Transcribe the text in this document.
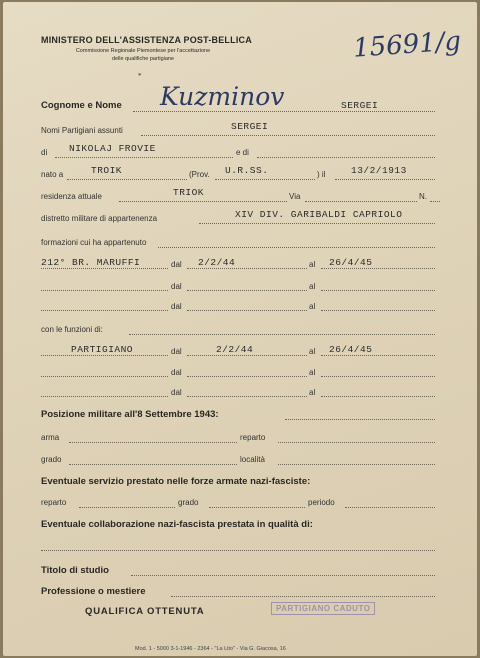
MINISTERO DELL'ASSISTENZA POST-BELLICA
Commissione Regionale Piemontese per l'accettazione
delle qualifiche partigiane
*
15691/g
Cognome e Nome Kuzminov	SERGEI
Nomi Partigiani assunti	SERGEI
di NIKOLAJ FROVIE	e di
nato a	TROIK	(Prov. U.R.SS.	) il	13/2/1913
residenza attuale	TRIOK	Via	N.
distretto militare di appartenenza	XIV DIV. GARIBALDI CAPRIOLO
formazioni cui ha appartenuto
212° BR. MARUFFI	dal 2/2/44	al 26/4/45
dal	al
dal	al
con le funzioni di:
PARTIGIANO	dal	2/2/44	al 26/4/45
dal	al
dal	al
Posizione militare all'8 Settembre 1943:
arma	reparto
grado	località
Eventuale servizio prestato nelle forze armate nazi-fasciste:
reparto	grado	periodo
Eventuale collaborazione nazi-fascista prestata in qualità di:
Titolo di studio
Professione o mestiere
QUALIFICA OTTENUTA	PARTIGIANO CADUTO
Mod. 1 - 5000 3-1-1946 - 2364 - "La Lito" - Via G. Giacosa, 16
